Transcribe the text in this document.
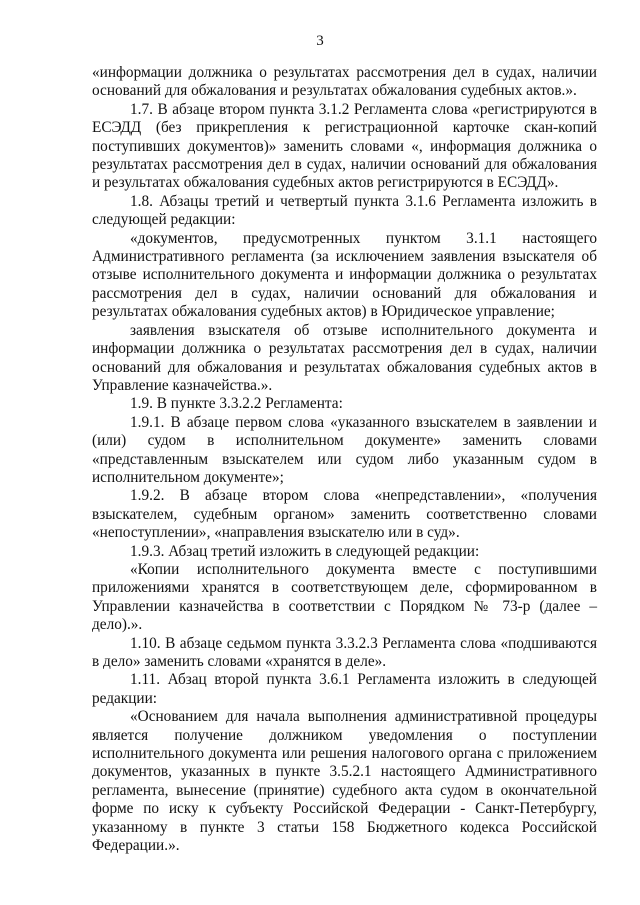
3

«информации должника о результатах рассмотрения дел в судах, наличии оснований для обжалования и результатах обжалования судебных актов.».

1.7. В абзаце втором пункта 3.1.2 Регламента слова «регистрируются в ЕСЭДД (без прикрепления к регистрационной карточке скан-копий поступивших документов)» заменить словами «, информация должника о результатах рассмотрения дел в судах, наличии оснований для обжалования и результатах обжалования судебных актов регистрируются в ЕСЭДД».

1.8. Абзацы третий и четвертый пункта 3.1.6 Регламента изложить в следующей редакции:

«документов, предусмотренных пунктом 3.1.1 настоящего Административного регламента (за исключением заявления взыскателя об отзыве исполнительного документа и информации должника о результатах рассмотрения дел в судах, наличии оснований для обжалования и результатах обжалования судебных актов) в Юридическое управление;

заявления взыскателя об отзыве исполнительного документа и информации должника о результатах рассмотрения дел в судах, наличии оснований для обжалования и результатах обжалования судебных актов в Управление казначейства.».

1.9. В пункте 3.3.2.2 Регламента:

1.9.1. В абзаце первом слова «указанного взыскателем в заявлении и (или) судом в исполнительном документе» заменить словами «представленным взыскателем или судом либо указанным судом в исполнительном документе»;

1.9.2. В абзаце втором слова «непредставлении», «получения взыскателем, судебным органом» заменить соответственно словами «непоступлении», «направления взыскателю или в суд».

1.9.3. Абзац третий изложить в следующей редакции:

«Копии исполнительного документа вместе с поступившими приложениями хранятся в соответствующем деле, сформированном в Управлении казначейства в соответствии с Порядком № 73-р (далее – дело).».

1.10. В абзаце седьмом пункта 3.3.2.3 Регламента слова «подшиваются в дело» заменить словами «хранятся в деле».

1.11. Абзац второй пункта 3.6.1 Регламента изложить в следующей редакции:

«Основанием для начала выполнения административной процедуры является получение должником уведомления о поступлении исполнительного документа или решения налогового органа с приложением документов, указанных в пункте 3.5.2.1 настоящего Административного регламента, вынесение (принятие) судебного акта судом в окончательной форме по иску к субъекту Российской Федерации - Санкт-Петербургу, указанному в пункте 3 статьи 158 Бюджетного кодекса Российской Федерации.».
